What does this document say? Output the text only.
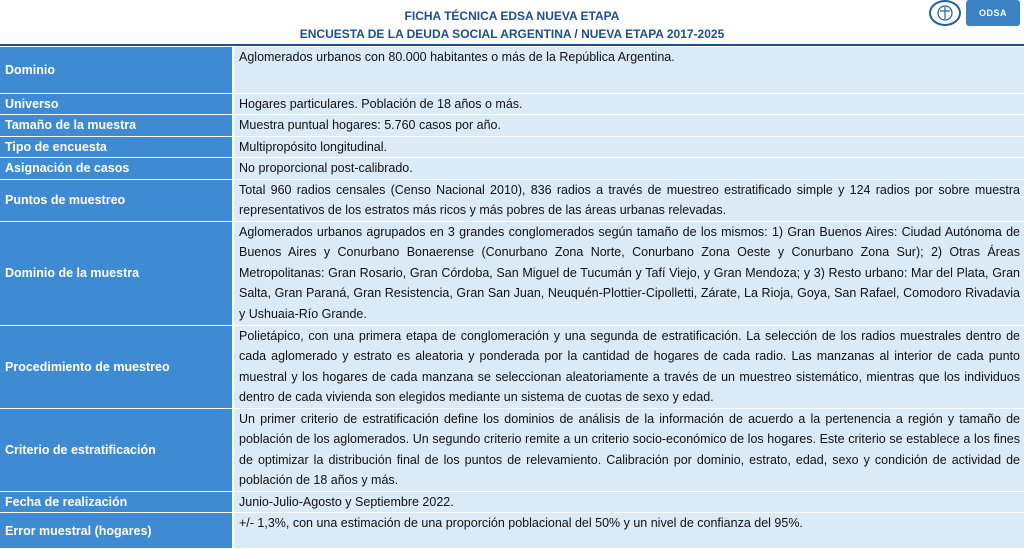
FICHA TÉCNICA EDSA NUEVA ETAPA
ENCUESTA DE LA DEUDA SOCIAL ARGENTINA / NUEVA ETAPA 2017-2025
ODSA
Dominio	Aglomerados urbanos con 80.000 habitantes o más de la República Argentina.
Universo	Hogares particulares. Población de 18 años o más.
Tamaño de la muestra	Muestra puntual hogares: 5.760 casos por año.
Tipo de encuesta	Multipropósito longitudinal.
Asignación de casos	No proporcional post-calibrado.
Puntos de muestreo	Total 960 radios censales (Censo Nacional 2010), 836 radios a través de muestreo estratificado simple y 124 radios por sobre muestra representativos de los estratos más ricos y más pobres de las áreas urbanas relevadas.
Dominio de la muestra	Aglomerados urbanos agrupados en 3 grandes conglomerados según tamaño de los mismos: 1) Gran Buenos Aires: Ciudad Autónoma de Buenos Aires y Conurbano Bonaerense (Conurbano Zona Norte, Conurbano Zona Oeste y Conurbano Zona Sur); 2) Otras Áreas Metropolitanas: Gran Rosario, Gran Córdoba, San Miguel de Tucumán y Tafí Viejo, y Gran Mendoza; y 3) Resto urbano: Mar del Plata, Gran Salta, Gran Paraná, Gran Resistencia, Gran San Juan, Neuquén-Plottier-Cipolletti, Zárate, La Rioja, Goya, San Rafael, Comodoro Rivadavia y Ushuaia-Río Grande.
Procedimiento de muestreo	Polietápico, con una primera etapa de conglomeración y una segunda de estratificación. La selección de los radios muestrales dentro de cada aglomerado y estrato es aleatoria y ponderada por la cantidad de hogares de cada radio. Las manzanas al interior de cada punto muestral y los hogares de cada manzana se seleccionan aleatoriamente a través de un muestreo sistemático, mientras que los individuos dentro de cada vivienda son elegidos mediante un sistema de cuotas de sexo y edad.
Criterio de estratificación	Un primer criterio de estratificación define los dominios de análisis de la información de acuerdo a la pertenencia a región y tamaño de población de los aglomerados. Un segundo criterio remite a un criterio socio-económico de los hogares. Este criterio se establece a los fines de optimizar la distribución final de los puntos de relevamiento. Calibración por dominio, estrato, edad, sexo y condición de actividad de población de 18 años y más.
Fecha de realización	Junio-Julio-Agosto y Septiembre 2022.
Error muestral (hogares)	+/- 1,3%, con una estimación de una proporción poblacional del 50% y un nivel de confianza del 95%.
